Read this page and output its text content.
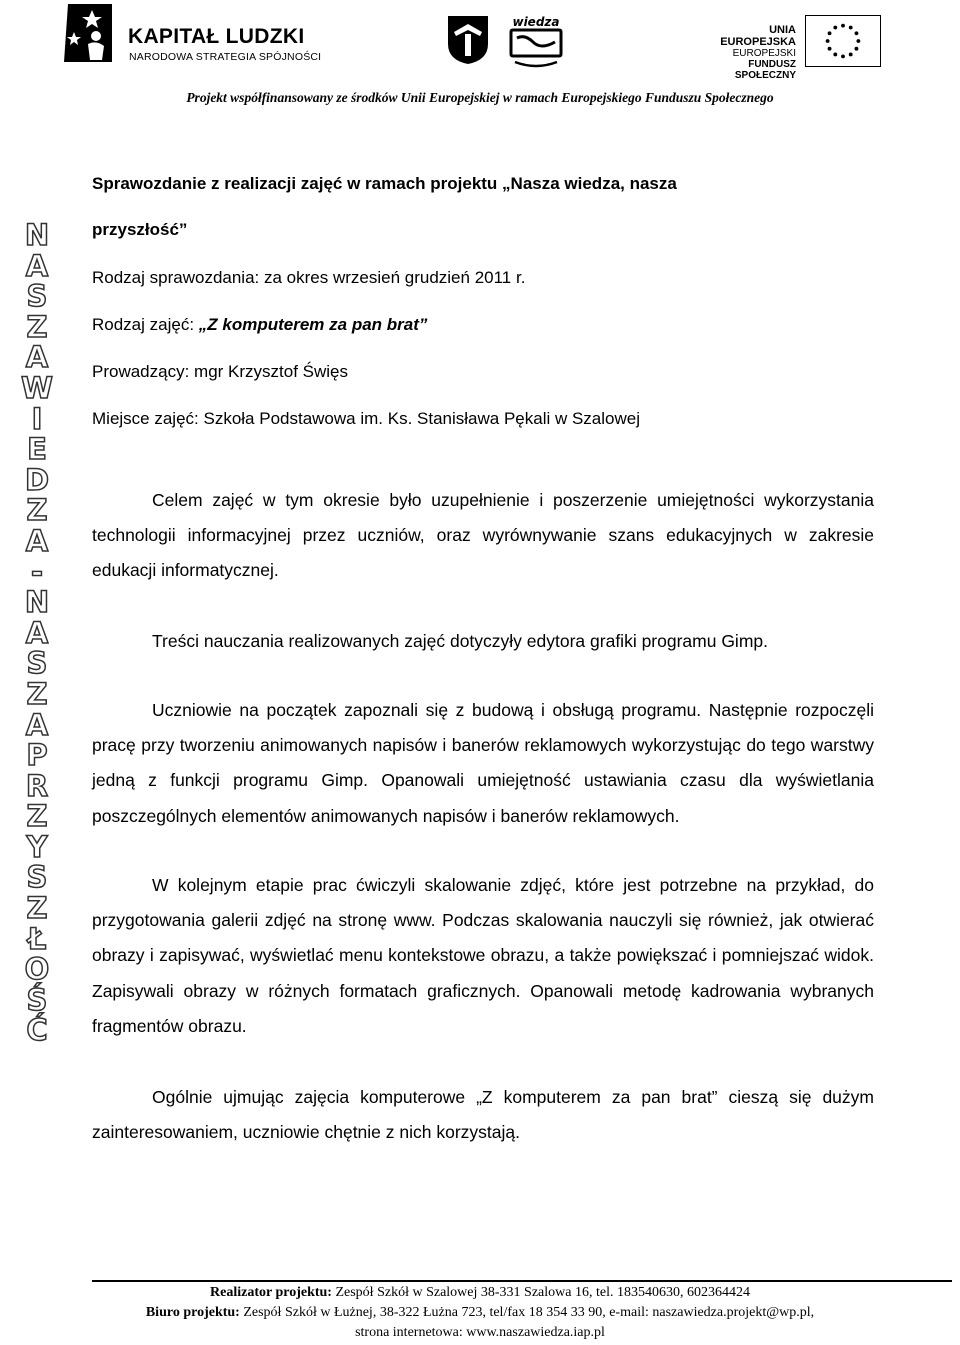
KAPITAŁ LUDZKI
NARODOWA STRATEGIA SPÓJNOŚCI
wiedza
UNIA EUROPEJSKA
EUROPEJSKI
FUNDUSZ SPOŁECZNY
Projekt współfinansowany ze środków Unii Europejskiej w ramach Europejskiego Funduszu Społecznego
N
A
S
Z
A
W
I
E
D
Z
A
-
N
A
S
Z
A
P
R
Z
Y
S
Z
Ł
O
Ś
Ć
Sprawozdanie z realizacji zajęć w ramach projektu „Nasza wiedza, nasza
przyszłość”
Rodzaj sprawozdania: za okres wrzesień grudzień 2011 r.
Rodzaj zajęć: „Z komputerem za pan brat”
Prowadzący: mgr Krzysztof Święs
Miejsce zajęć: Szkoła Podstawowa im. Ks. Stanisława Pękali w Szalowej
Celem zajęć w tym okresie było uzupełnienie i poszerzenie umiejętności wykorzystania technologii informacyjnej przez uczniów, oraz wyrównywanie szans edukacyjnych w zakresie edukacji informatycznej.
Treści nauczania realizowanych zajęć dotyczyły edytora grafiki programu Gimp.
Uczniowie na początek zapoznali się z budową i obsługą programu. Następnie rozpoczęli pracę przy tworzeniu animowanych napisów i banerów reklamowych wykorzystując do tego warstwy jedną z funkcji programu Gimp. Opanowali umiejętność ustawiania czasu dla wyświetlania poszczególnych elementów animowanych napisów i banerów reklamowych.
W kolejnym etapie prac ćwiczyli skalowanie zdjęć, które jest potrzebne na przykład, do przygotowania galerii zdjęć na stronę www. Podczas skalowania nauczyli się również, jak otwierać obrazy i zapisywać, wyświetlać menu kontekstowe obrazu, a także powiększać i pomniejszać widok. Zapisywali obrazy w różnych formatach graficznych. Opanowali metodę kadrowania wybranych fragmentów obrazu.
Ogólnie ujmując zajęcia komputerowe „Z komputerem za pan brat” cieszą się dużym zainteresowaniem, uczniowie chętnie z nich korzystają.
Realizator projektu: Zespół Szkół w Szalowej 38-331 Szalowa 16, tel. 183540630, 602364424
Biuro projektu: Zespół Szkół w Łużnej, 38-322 Łużna 723, tel/fax 18 354 33 90, e-mail: naszawiedza.projekt@wp.pl,
strona internetowa: www.naszawiedza.iap.pl
